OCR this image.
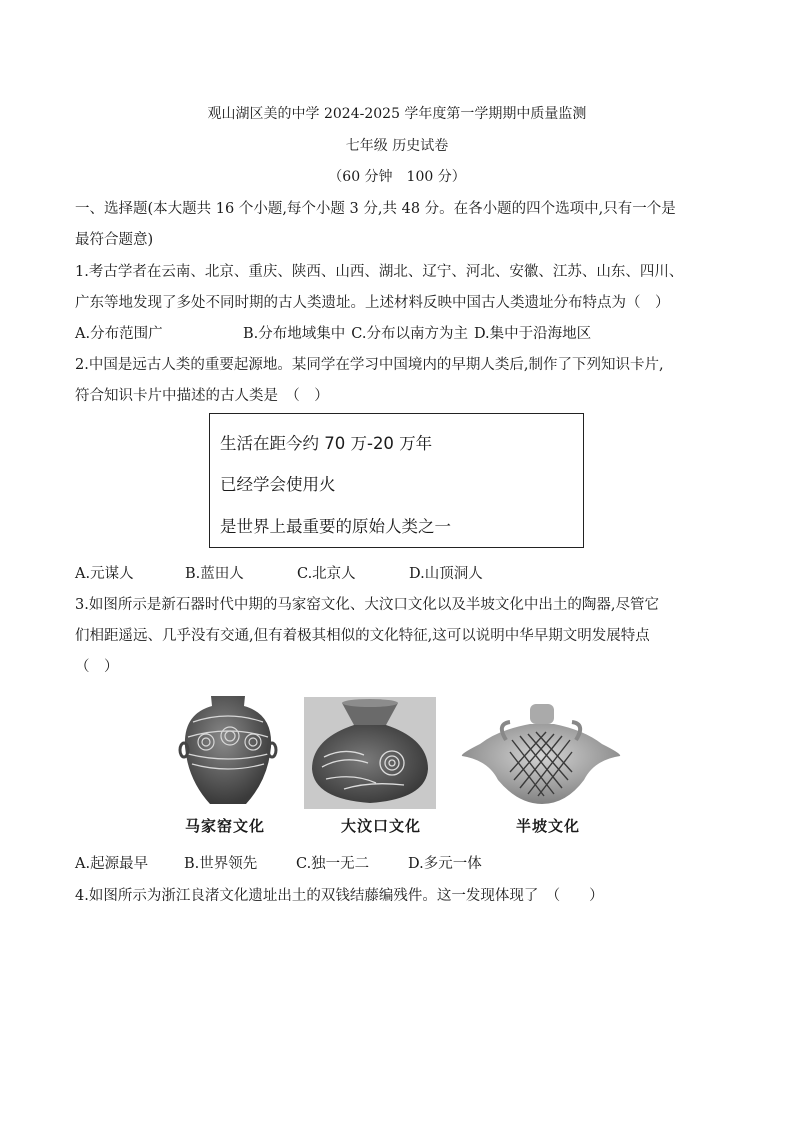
观山湖区美的中学 2024-2025 学年度第一学期期中质量监测
七年级 历史试卷
（60 分钟　100 分）
一、选择题(本大题共 16 个小题,每个小题 3 分,共 48 分。在各小题的四个选项中,只有一个是
最符合题意)
1.考古学者在云南、北京、重庆、陕西、山西、湖北、辽宁、河北、安徽、江苏、山东、四川、
广东等地发现了多处不同时期的古人类遗址。上述材料反映中国古人类遗址分布特点为（　）
A.分布范围广	B.分布地域集中 C.分布以南方为主 D.集中于沿海地区
2.中国是远古人类的重要起源地。某同学在学习中国境内的早期人类后,制作了下列知识卡片,
符合知识卡片中描述的古人类是　（　）
生活在距今约 70 万-20 万年
已经学会使用火
是世界上最重要的原始人类之一
A.元谋人	B.蓝田人	C.北京人	D.山顶洞人
3.如图所示是新石器时代中期的马家窑文化、大汶口文化以及半坡文化中出土的陶器,尽管它
们相距遥远、几乎没有交通,但有着极其相似的文化特征,这可以说明中华早期文明发展特点
（　）
马家窑文化	大汶口文化	半坡文化
A.起源最早 B.世界领先	C.独一无二	D.多元一体
4.如图所示为浙江良渚文化遗址出土的双钱结藤编残件。这一发现体现了　（　　）
